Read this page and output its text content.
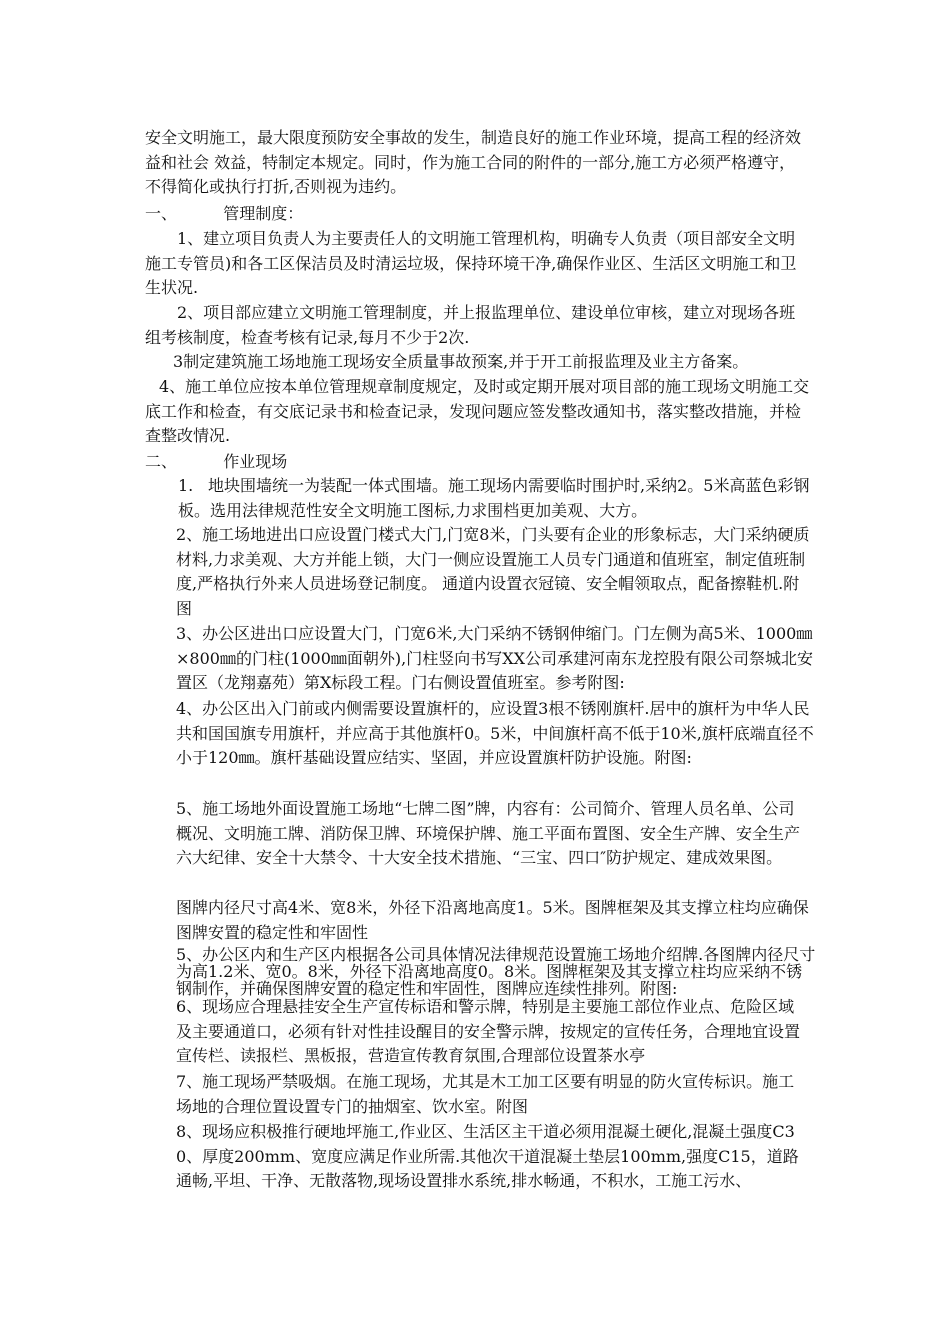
安全文明施工，最大限度预防安全事故的发生，制造良好的施工作业环境，提高工程的经济效益和社会 效益，特制定本规定。同时，作为施工合同的附件的一部分,施工方必须严格遵守，不得简化或执行打折,否则视为违约。

一、	管理制度：

1、建立项目负责人为主要责任人的文明施工管理机构，明确专人负责（项目部安全文明施工专管员)和各工区保洁员及时清运垃圾，保持环境干净,确保作业区、生活区文明施工和卫生状况.

2、项目部应建立文明施工管理制度，并上报监理单位、建设单位审核，建立对现场各班组考核制度，检查考核有记录,每月不少于2次.

3制定建筑施工场地施工现场安全质量事故预案,并于开工前报监理及业主方备案。

4、施工单位应按本单位管理规章制度规定，及时或定期开展对项目部的施工现场文明施工交底工作和检查，有交底记录书和检查记录，发现问题应签发整改通知书，落实整改措施，并检查整改情况.

二、	作业现场

1. 地块围墙统一为装配一体式围墙。施工现场内需要临时围护时,采纳2。5米高蓝色彩钢板。选用法律规范性安全文明施工图标,力求围档更加美观、大方。

2、施工场地进出口应设置门楼式大门,门宽8米，门头要有企业的形象标志，大门采纳硬质材料,力求美观、大方并能上锁，大门一侧应设置施工人员专门通道和值班室，制定值班制度,严格执行外来人员进场登记制度。 通道内设置衣冠镜、安全帽领取点，配备擦鞋机.附图

3、办公区进出口应设置大门，门宽6米,大门采纳不锈钢伸缩门。门左侧为高5米、1000㎜×800㎜的门柱(1000㎜面朝外),门柱竖向书写XX公司承建河南东龙控股有限公司祭城北安置区（龙翔嘉苑）第X标段工程。门右侧设置值班室。参考附图:

4、办公区出入门前或内侧需要设置旗杆的，应设置3根不锈刚旗杆.居中的旗杆为中华人民共和国国旗专用旗杆，并应高于其他旗杆0。5米，中间旗杆高不低于10米,旗杆底端直径不小于120㎜。旗杆基础设置应结实、坚固，并应设置旗杆防护设施。附图:

5、施工场地外面设置施工场地“七牌二图”牌，内容有：公司简介、管理人员名单、公司概况、文明施工牌、消防保卫牌、环境保护牌、施工平面布置图、安全生产牌、安全生产六大纪律、安全十大禁令、十大安全技术措施、“三宝、四口″防护规定、建成效果图。

图牌内径尺寸高4米、宽8米，外径下沿离地高度1。5米。图牌框架及其支撑立柱均应确保图牌安置的稳定性和牢固性

5、办公区内和生产区内根据各公司具体情况法律规范设置施工场地介绍牌.各图牌内径尺寸为高1.2米、宽0。8米，外径下沿离地高度0。8米。图牌框架及其支撑立柱均应采纳不锈钢制作，并确保图牌安置的稳定性和牢固性，图牌应连续性排列。附图:

6、现场应合理悬挂安全生产宣传标语和警示牌，特别是主要施工部位作业点、危险区域及主要通道口，必须有针对性挂设醒目的安全警示牌，按规定的宣传任务，合理地宜设置宣传栏、读报栏、黑板报，营造宣传教育氛围,合理部位设置茶水亭

7、施工现场严禁吸烟。在施工现场，尤其是木工加工区要有明显的防火宣传标识。施工场地的合理位置设置专门的抽烟室、饮水室。附图

8、现场应积极推行硬地坪施工,作业区、生活区主干道必须用混凝土硬化,混凝土强度C30、厚度200mm、宽度应满足作业所需.其他次干道混凝土垫层100mm,强度C15，道路通畅,平坦、干净、无散落物,现场设置排水系统,排水畅通，不积水，工施工污水、
